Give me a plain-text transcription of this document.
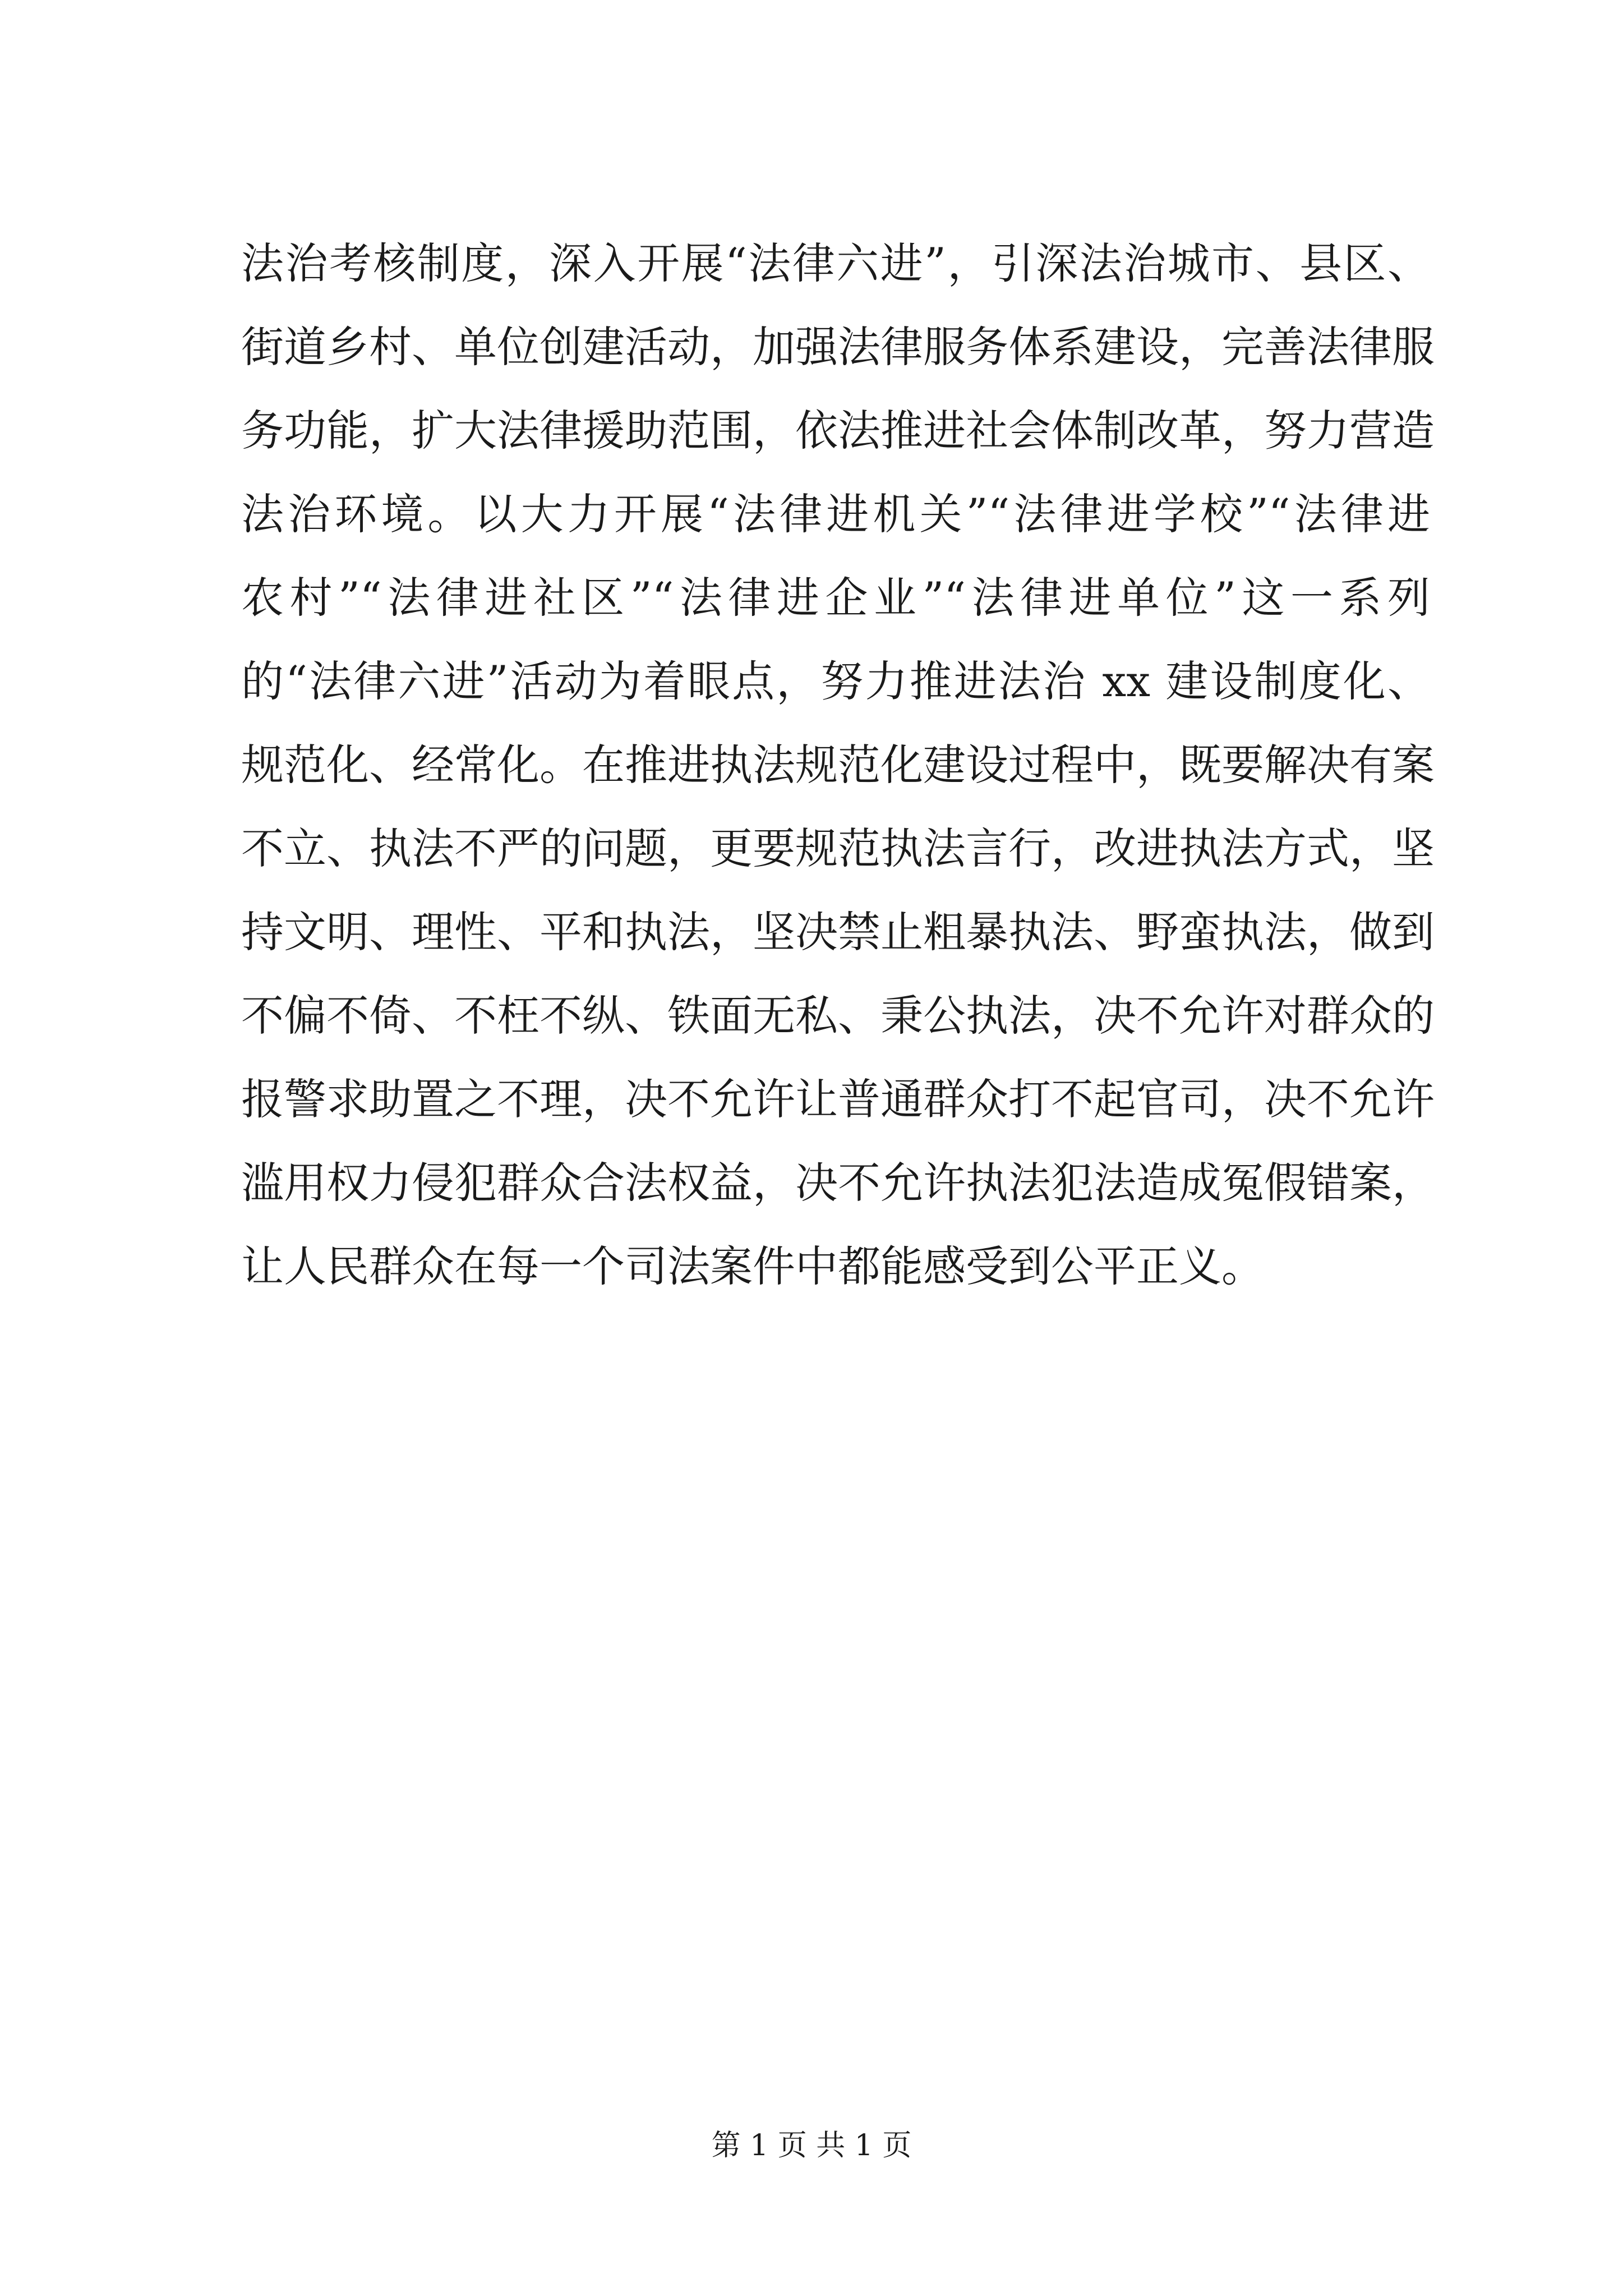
法治考核制度，深入开展“法律六进”，引深法治城市、县区、
街道乡村、单位创建活动，加强法律服务体系建设，完善法律服
务功能，扩大法律援助范围，依法推进社会体制改革，努力营造
法治环境。以大力开展“法律进机关”“法律进学校”“法律进
农村”“法律进社区”“法律进企业”“法律进单位”这一系列
的“法律六进”活动为着眼点，努力推进法治 xx 建设制度化、
规范化、经常化。在推进执法规范化建设过程中，既要解决有案
不立、执法不严的问题，更要规范执法言行，改进执法方式，坚
持文明、理性、平和执法，坚决禁止粗暴执法、野蛮执法，做到
不偏不倚、不枉不纵、铁面无私、秉公执法，决不允许对群众的
报警求助置之不理，决不允许让普通群众打不起官司，决不允许
滥用权力侵犯群众合法权益，决不允许执法犯法造成冤假错案，
让人民群众在每一个司法案件中都能感受到公平正义。
第 1 页 共 1 页
